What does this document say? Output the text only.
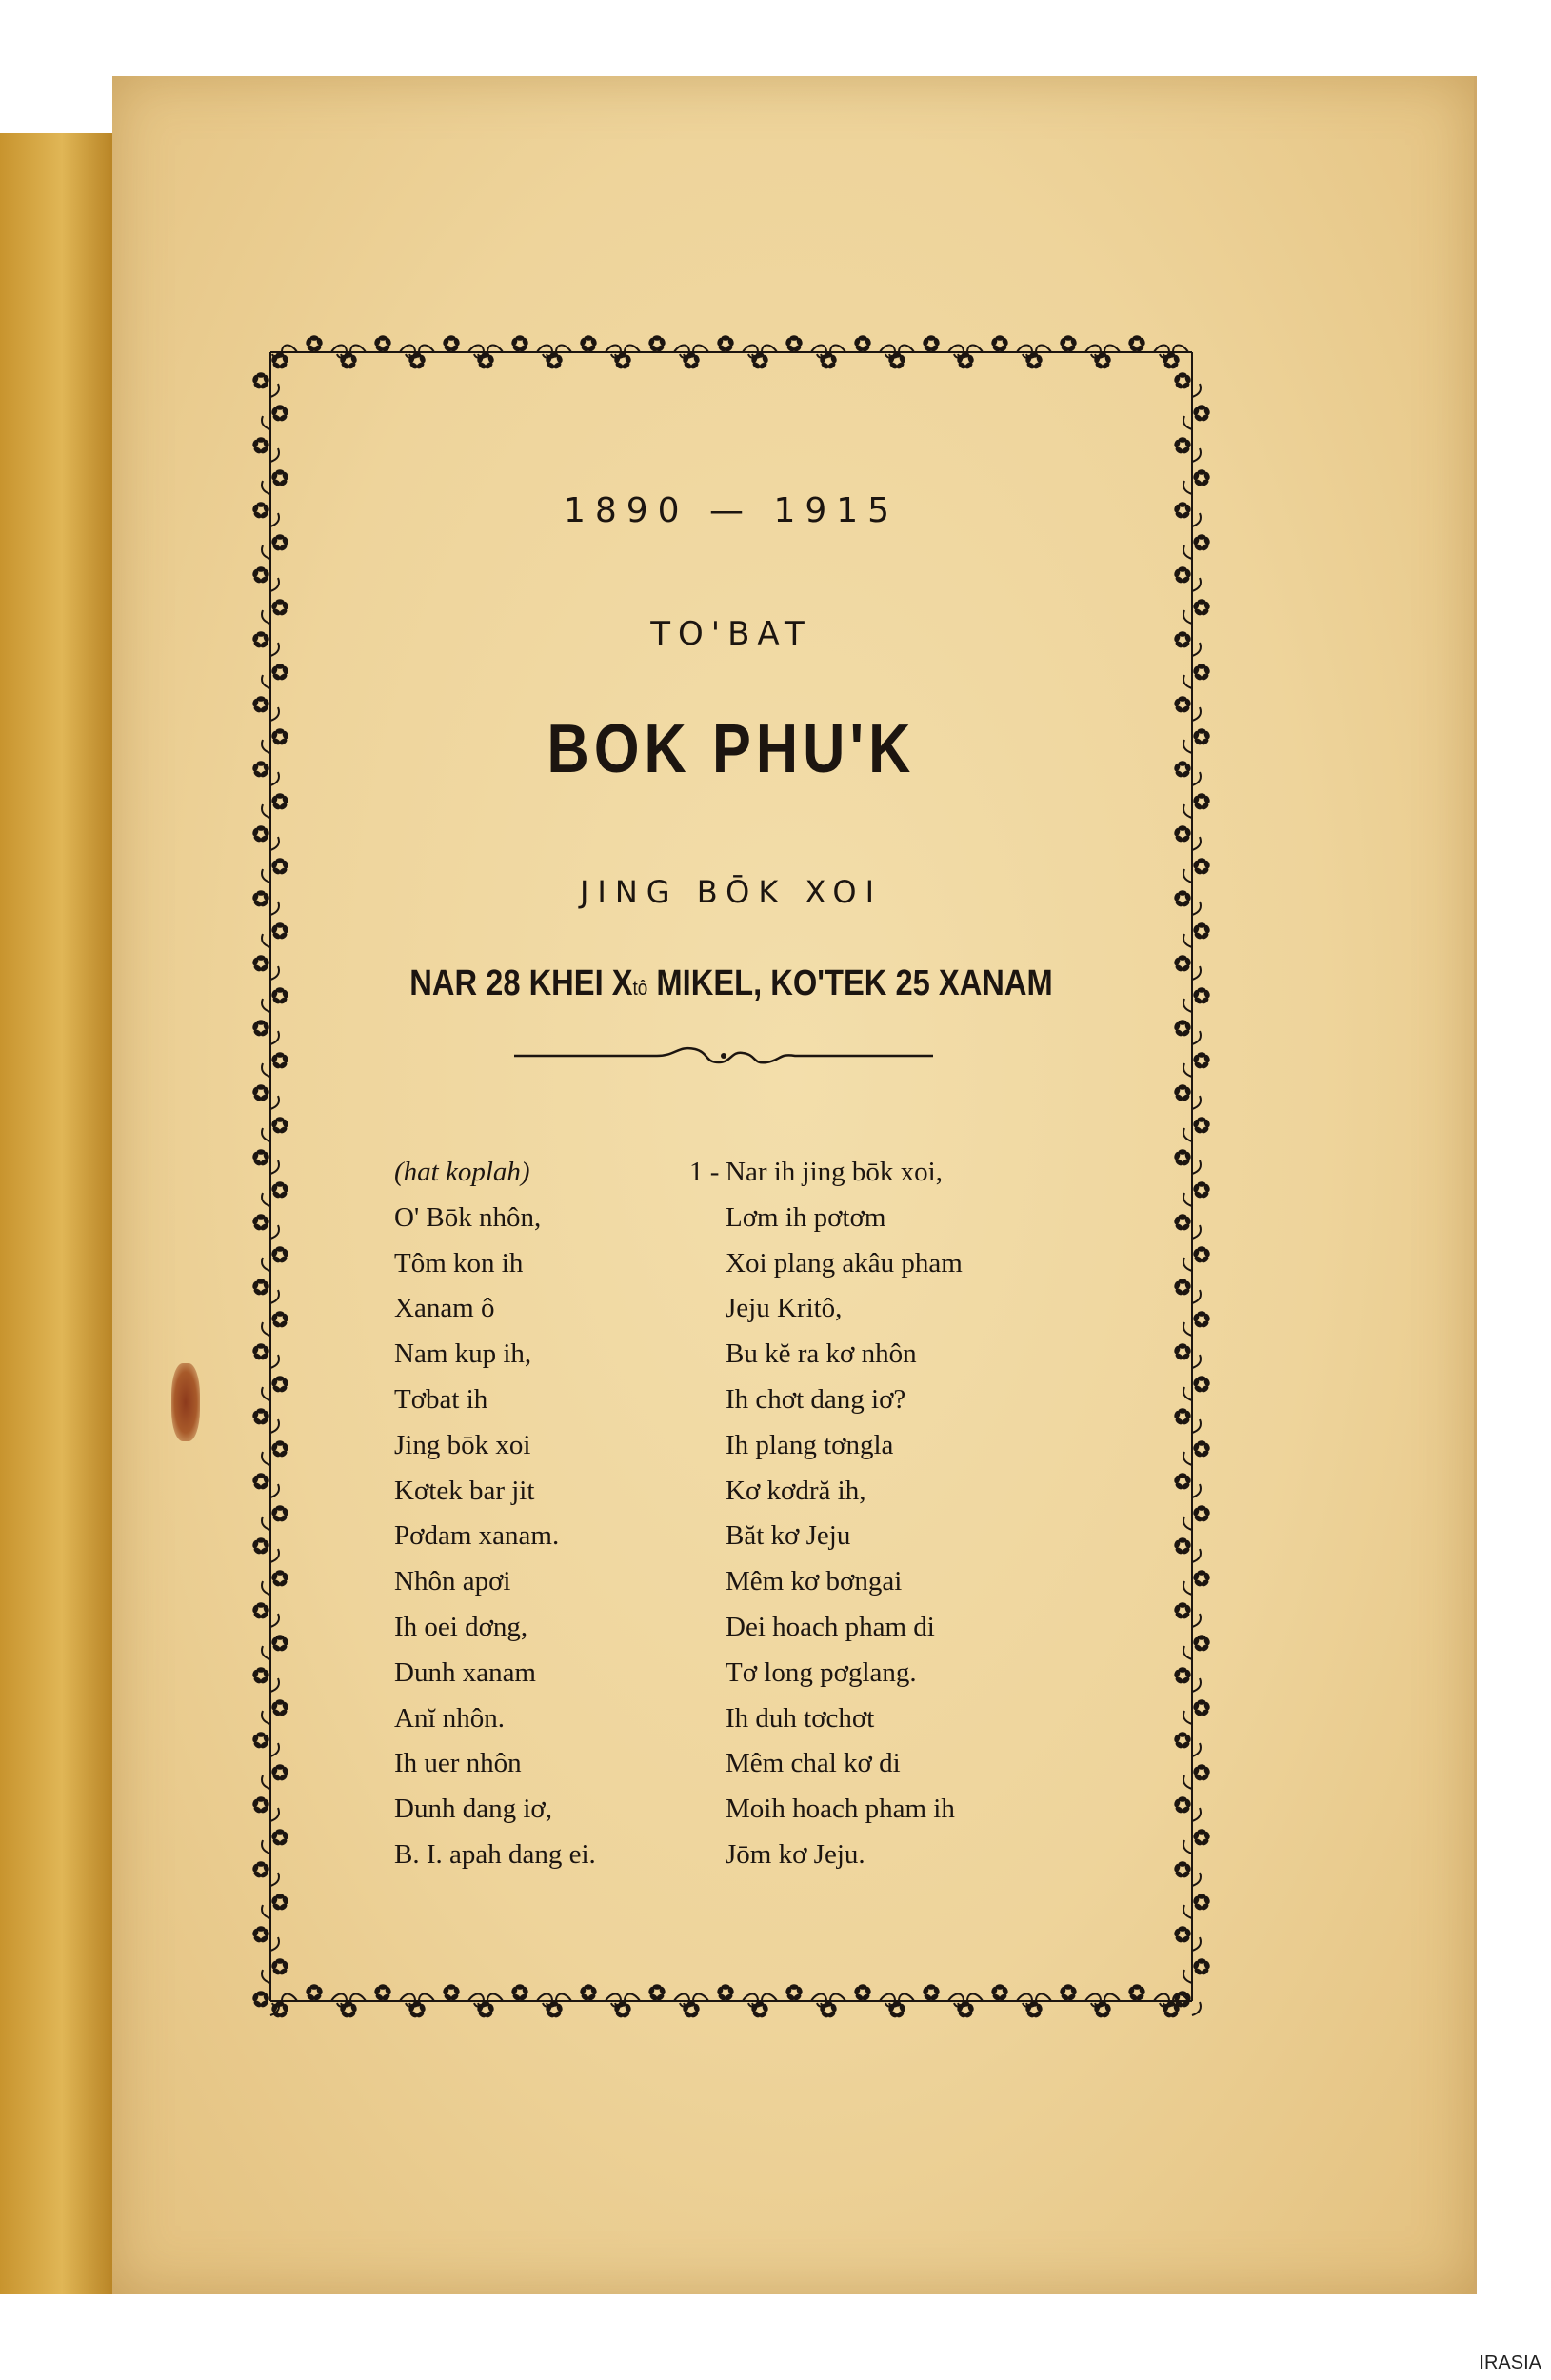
1890 — 1915
TO'BAT
BOK PHU'K
JING BŌK XOI
NAR 28 KHEI Xtô MIKEL, KO'TEK 25 XANAM
(hat koplah)
O' Bōk nhôn,
Tôm kon ih
Xanam ô
Nam kup ih,
Tơbat ih
Jing bōk xoi
Kơtek bar jit
Pơdam xanam.
Nhôn apơi
Ih oei dơng,
Dunh xanam
Anĭ nhôn.
Ih uer nhôn
Dunh dang iơ,
B. I. apah dang ei.
1 - Nar ih jing bōk xoi,
Lơm ih pơtơm
Xoi plang akâu pham
Jeju Kritô,
Bu kĕ ra kơ nhôn
Ih chơt dang iơ?
Ih plang tơngla
Kơ kơdră ih,
Băt kơ Jeju
Mêm kơ bơngai
Dei hoach pham di
Tơ long pơglang.
Ih duh tơchơt
Mêm chal kơ di
Moih hoach pham ih
Jōm kơ Jeju.
IRASIA
